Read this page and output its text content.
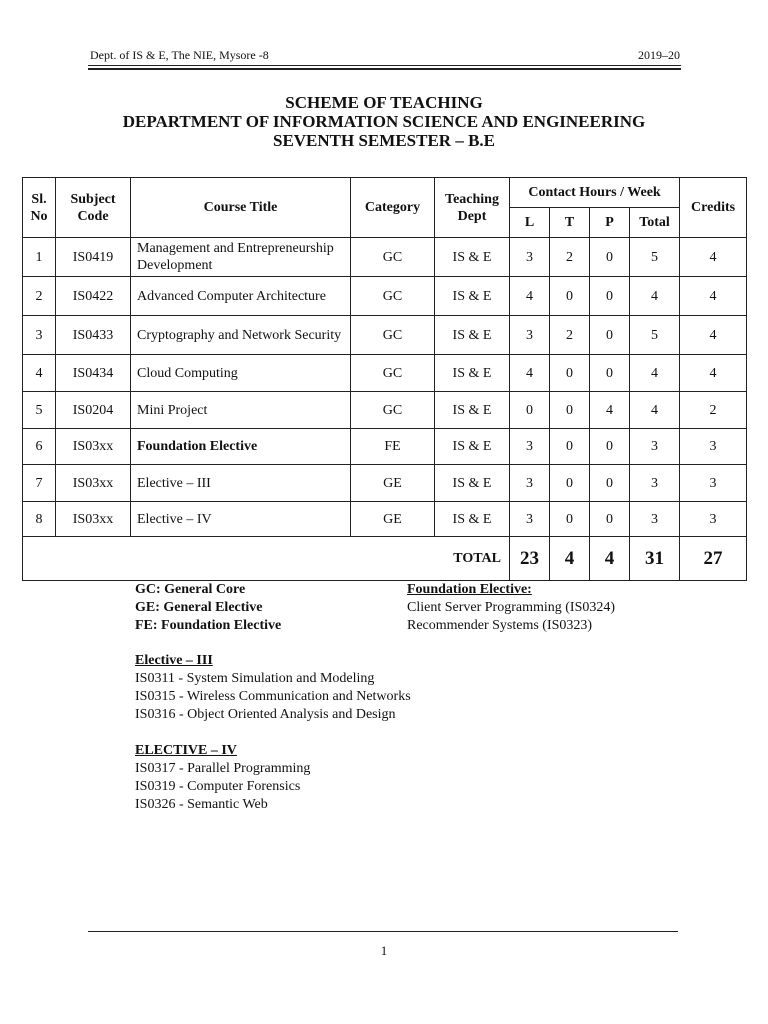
Dept. of IS & E, The NIE, Mysore -8	2019–20
SCHEME OF TEACHING
DEPARTMENT OF INFORMATION SCIENCE AND ENGINEERING
SEVENTH SEMESTER – B.E
Sl. No	Subject Code	Course Title	Category	Teaching Dept	Contact Hours / Week				Credits
					L	T	P	Total	
1	IS0419	Management and Entrepreneurship Development	GC	IS & E	3	2	0	5	4
2	IS0422	Advanced Computer Architecture	GC	IS & E	4	0	0	4	4
3	IS0433	Cryptography and Network Security	GC	IS & E	3	2	0	5	4
4	IS0434	Cloud Computing	GC	IS & E	4	0	0	4	4
5	IS0204	Mini Project	GC	IS & E	0	0	4	4	2
6	IS03xx	Foundation Elective	FE	IS & E	3	0	0	3	3
7	IS03xx	Elective – III	GE	IS & E	3	0	0	3	3
8	IS03xx	Elective – IV	GE	IS & E	3	0	0	3	3
TOTAL					23	4	4	31	27
GC: General Core
GE: General Elective
FE: Foundation Elective
Foundation Elective:
Client Server Programming (IS0324)
Recommender Systems (IS0323)
Elective – III
IS0311 - System Simulation and Modeling
IS0315 - Wireless Communication and Networks
IS0316 - Object Oriented Analysis and Design
ELECTIVE – IV
IS0317 - Parallel Programming
IS0319 - Computer Forensics
IS0326 - Semantic Web
1
